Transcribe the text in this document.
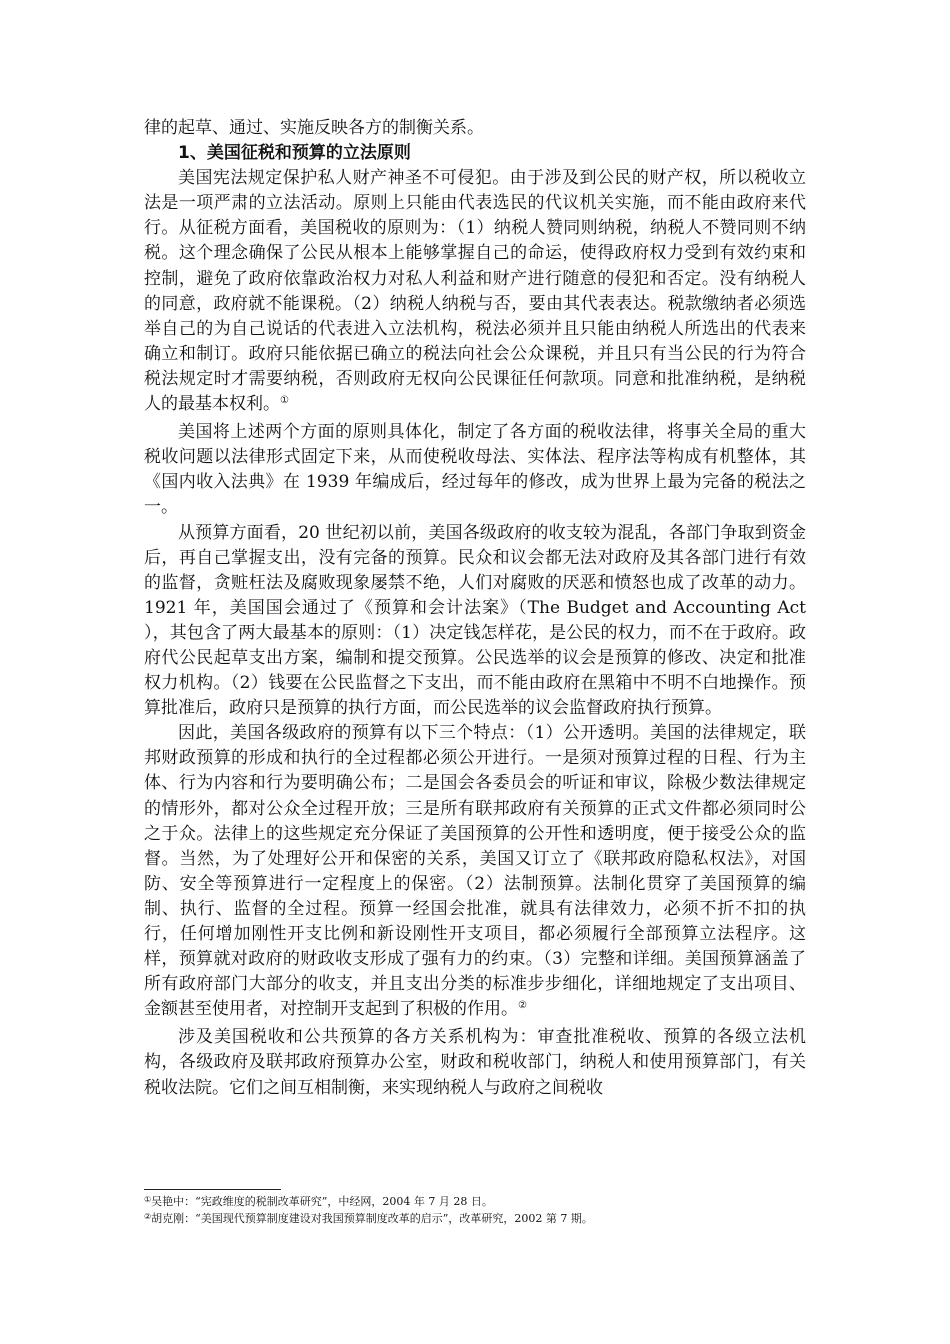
律的起草、通过、实施反映各方的制衡关系。

1、美国征税和预算的立法原则

美国宪法规定保护私人财产神圣不可侵犯。由于涉及到公民的财产权，所以税收立法是一项严肃的立法活动。原则上只能由代表选民的代议机关实施，而不能由政府来代行。从征税方面看，美国税收的原则为：（1）纳税人赞同则纳税，纳税人不赞同则不纳税。这个理念确保了公民从根本上能够掌握自己的命运，使得政府权力受到有效约束和控制，避免了政府依靠政治权力对私人利益和财产进行随意的侵犯和否定。没有纳税人的同意，政府就不能课税。（2）纳税人纳税与否，要由其代表表达。税款缴纳者必须选举自己的为自己说话的代表进入立法机构，税法必须并且只能由纳税人所选出的代表来确立和制订。政府只能依据已确立的税法向社会公众课税，并且只有当公民的行为符合税法规定时才需要纳税，否则政府无权向公民课征任何款项。同意和批准纳税，是纳税人的最基本权利。①

美国将上述两个方面的原则具体化，制定了各方面的税收法律，将事关全局的重大税收问题以法律形式固定下来，从而使税收母法、实体法、程序法等构成有机整体，其《国内收入法典》在 1939 年编成后，经过每年的修改，成为世界上最为完备的税法之一。

从预算方面看，20 世纪初以前，美国各级政府的收支较为混乱，各部门争取到资金后，再自己掌握支出，没有完备的预算。民众和议会都无法对政府及其各部门进行有效的监督，贪赃枉法及腐败现象屡禁不绝，人们对腐败的厌恶和愤怒也成了改革的动力。1921 年，美国国会通过了《预算和会计法案》（The Budget and Accounting Act ），其包含了两大最基本的原则：（1）决定钱怎样花，是公民的权力，而不在于政府。政府代公民起草支出方案，编制和提交预算。公民选举的议会是预算的修改、决定和批准权力机构。（2）钱要在公民监督之下支出，而不能由政府在黑箱中不明不白地操作。预算批准后，政府只是预算的执行方面，而公民选举的议会监督政府执行预算。

因此，美国各级政府的预算有以下三个特点：（1）公开透明。美国的法律规定，联邦财政预算的形成和执行的全过程都必须公开进行。一是须对预算过程的日程、行为主体、行为内容和行为要明确公布；二是国会各委员会的听证和审议，除极少数法律规定的情形外，都对公众全过程开放；三是所有联邦政府有关预算的正式文件都必须同时公之于众。法律上的这些规定充分保证了美国预算的公开性和透明度，便于接受公众的监督。当然，为了处理好公开和保密的关系，美国又订立了《联邦政府隐私权法》，对国防、安全等预算进行一定程度上的保密。（2）法制预算。法制化贯穿了美国预算的编制、执行、监督的全过程。预算一经国会批准，就具有法律效力，必须不折不扣的执行，任何增加刚性开支比例和新设刚性开支项目，都必须履行全部预算立法程序。这样，预算就对政府的财政收支形成了强有力的约束。（3）完整和详细。美国预算涵盖了所有政府部门大部分的收支，并且支出分类的标准步步细化，详细地规定了支出项目、金额甚至使用者，对控制开支起到了积极的作用。②

涉及美国税收和公共预算的各方关系机构为：审查批准税收、预算的各级立法机构，各级政府及联邦政府预算办公室，财政和税收部门，纳税人和使用预算部门，有关税收法院。它们之间互相制衡，来实现纳税人与政府之间税收

①吴艳中：“宪政维度的税制改革研究”，中经网，2004 年 7 月 28 日。
②胡克刚：“美国现代预算制度建设对我国预算制度改革的启示”，改革研究，2002 第 7 期。
